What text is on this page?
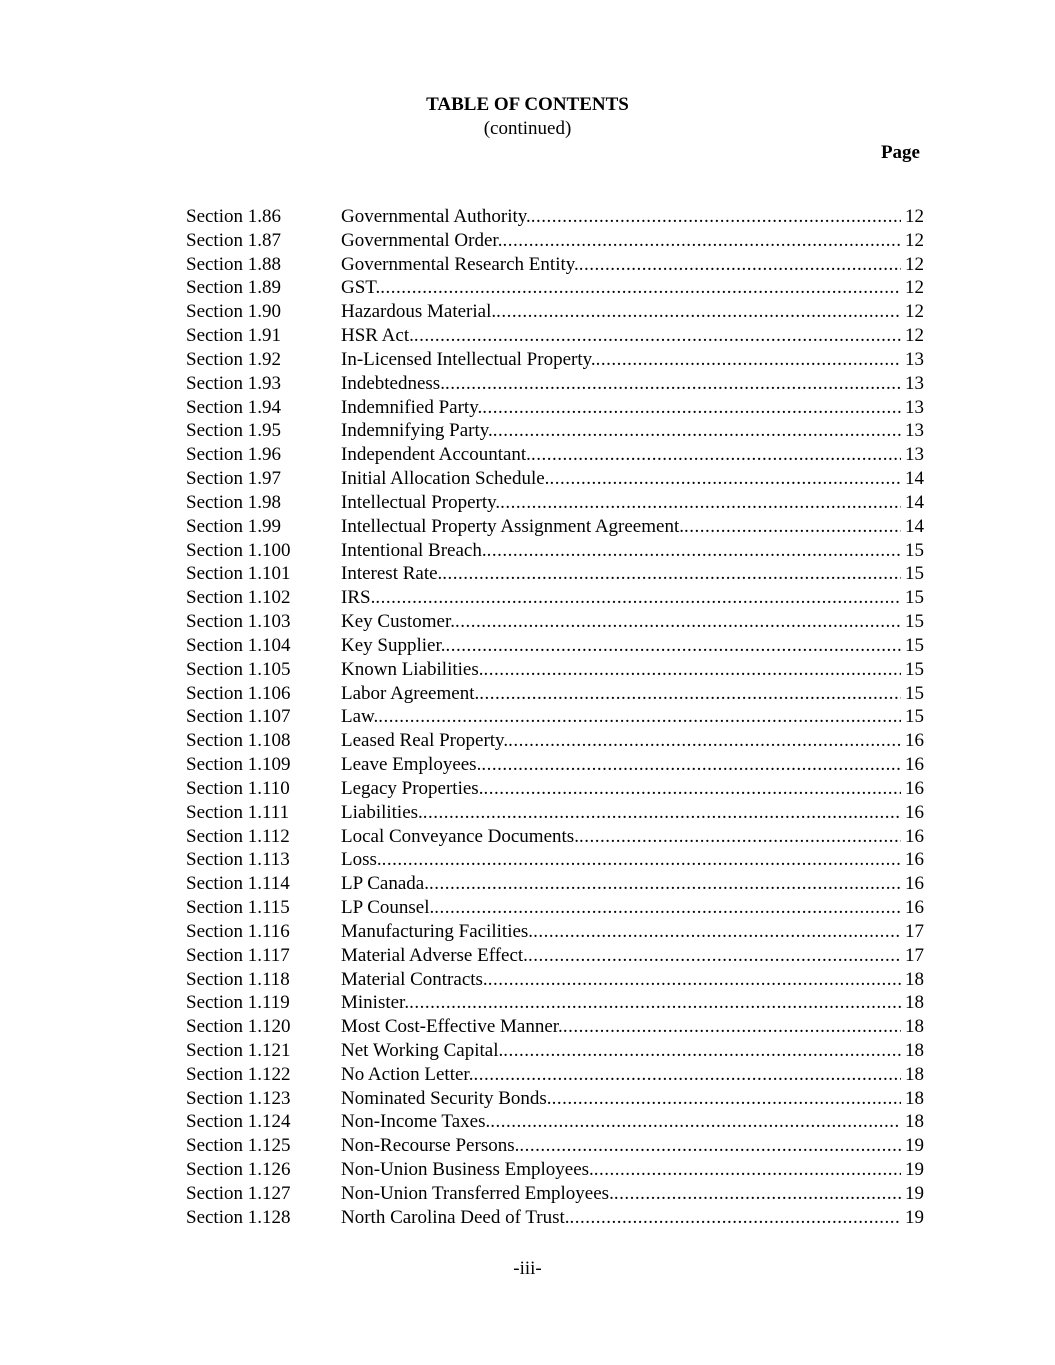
TABLE OF CONTENTS
(continued)
Page
Section 1.86	Governmental Authority. .....	12
Section 1.87	Governmental Order. .....	12
Section 1.88	Governmental Research Entity. .....	12
Section 1.89	GST. .....	12
Section 1.90	Hazardous Material. .....	12
Section 1.91	HSR Act. .....	12
Section 1.92	In-Licensed Intellectual Property. .....	13
Section 1.93	Indebtedness. .....	13
Section 1.94	Indemnified Party. .....	13
Section 1.95	Indemnifying Party. .....	13
Section 1.96	Independent Accountant. .....	13
Section 1.97	Initial Allocation Schedule. .....	14
Section 1.98	Intellectual Property. .....	14
Section 1.99	Intellectual Property Assignment Agreement. .....	14
Section 1.100	Intentional Breach. .....	15
Section 1.101	Interest Rate. .....	15
Section 1.102	IRS. .....	15
Section 1.103	Key Customer. .....	15
Section 1.104	Key Supplier. .....	15
Section 1.105	Known Liabilities. .....	15
Section 1.106	Labor Agreement. .....	15
Section 1.107	Law. .....	15
Section 1.108	Leased Real Property. .....	16
Section 1.109	Leave Employees. .....	16
Section 1.110	Legacy Properties. .....	16
Section 1.111	Liabilities. .....	16
Section 1.112	Local Conveyance Documents. .....	16
Section 1.113	Loss. .....	16
Section 1.114	LP Canada. .....	16
Section 1.115	LP Counsel. .....	16
Section 1.116	Manufacturing Facilities. .....	17
Section 1.117	Material Adverse Effect. .....	17
Section 1.118	Material Contracts. .....	18
Section 1.119	Minister. .....	18
Section 1.120	Most Cost-Effective Manner. .....	18
Section 1.121	Net Working Capital. .....	18
Section 1.122	No Action Letter. .....	18
Section 1.123	Nominated Security Bonds. .....	18
Section 1.124	Non-Income Taxes. .....	18
Section 1.125	Non-Recourse Persons. .....	19
Section 1.126	Non-Union Business Employees. .....	19
Section 1.127	Non-Union Transferred Employees. .....	19
Section 1.128	North Carolina Deed of Trust. .....	19
-iii-
